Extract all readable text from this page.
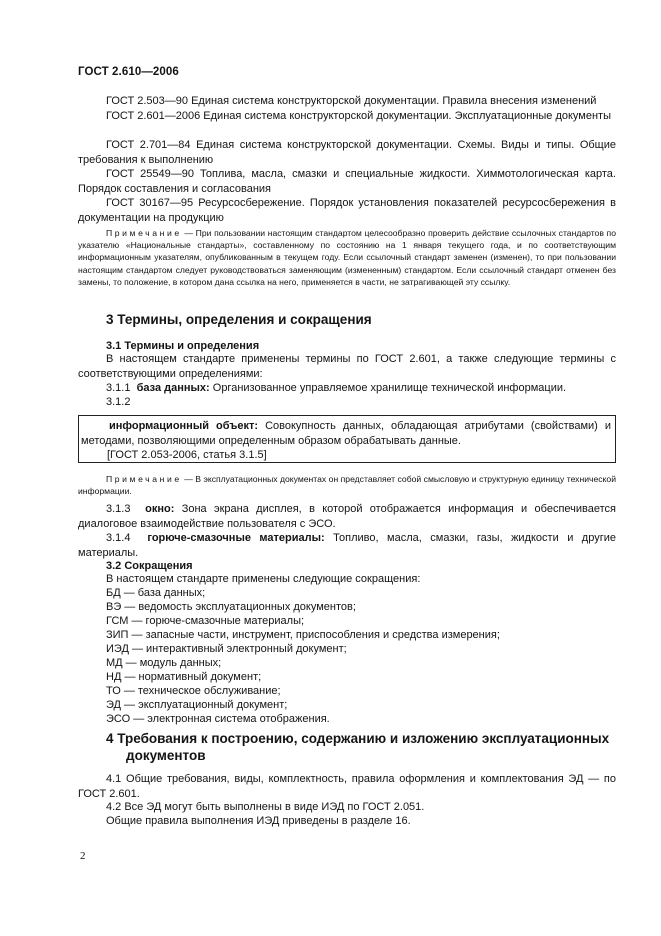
ГОСТ 2.610—2006

ГОСТ 2.503—90 Единая система конструкторской документации. Правила внесения изменений

ГОСТ 2.601—2006 Единая система конструкторской документации. Эксплуатационные документы

ГОСТ 2.701—84 Единая система конструкторской документации. Схемы. Виды и типы. Общие требования к выполнению

ГОСТ 25549—90 Топлива, масла, смазки и специальные жидкости. Химмотологическая карта. Порядок составления и согласования

ГОСТ 30167—95 Ресурсосбережение. Порядок установления показателей ресурсосбережения в документации на продукцию

Примечание — При пользовании настоящим стандартом целесообразно проверить действие ссылочных стандартов по указателю «Национальные стандарты», составленному по состоянию на 1 января текущего года, и по соответствующим информационным указателям, опубликованным в текущем году. Если ссылочный стандарт заменен (изменен), то при пользовании настоящим стандартом следует руководствоваться заменяющим (измененным) стандартом. Если ссылочный стандарт отменен без замены, то положение, в котором дана ссылка на него, применяется в части, не затрагивающей эту ссылку.

3 Термины, определения и сокращения

3.1 Термины и определения

В настоящем стандарте применены термины по ГОСТ 2.601, а также следующие термины с соответствующими определениями:

3.1.1 база данных: Организованное управляемое хранилище технической информации.

3.1.2

информационный объект: Совокупность данных, обладающая атрибутами (свойствами) и методами, позволяющими определенным образом обрабатывать данные.

[ГОСТ 2.053-2006, статья 3.1.5]

Примечание — В эксплуатационных документах он представляет собой смысловую и структурную единицу технической информации.

3.1.3 окно: Зона экрана дисплея, в которой отображается информация и обеспечивается диалоговое взаимодействие пользователя с ЭСО.

3.1.4 горюче-смазочные материалы: Топливо, масла, смазки, газы, жидкости и другие материалы.

3.2 Сокращения

В настоящем стандарте применены следующие сокращения:

БД — база данных;

ВЭ — ведомость эксплуатационных документов;

ГСМ — горюче-смазочные материалы;

ЗИП — запасные части, инструмент, приспособления и средства измерения;

ИЭД — интерактивный электронный документ;

МД — модуль данных;

НД — нормативный документ;

ТО — техническое обслуживание;

ЭД — эксплуатационный документ;

ЭСО — электронная система отображения.

4 Требования к построению, содержанию и изложению эксплуатационных
документов

4.1 Общие требования, виды, комплектность, правила оформления и комплектования ЭД — по ГОСТ 2.601.

4.2 Все ЭД могут быть выполнены в виде ИЭД по ГОСТ 2.051.

Общие правила выполнения ИЭД приведены в разделе 16.

2
